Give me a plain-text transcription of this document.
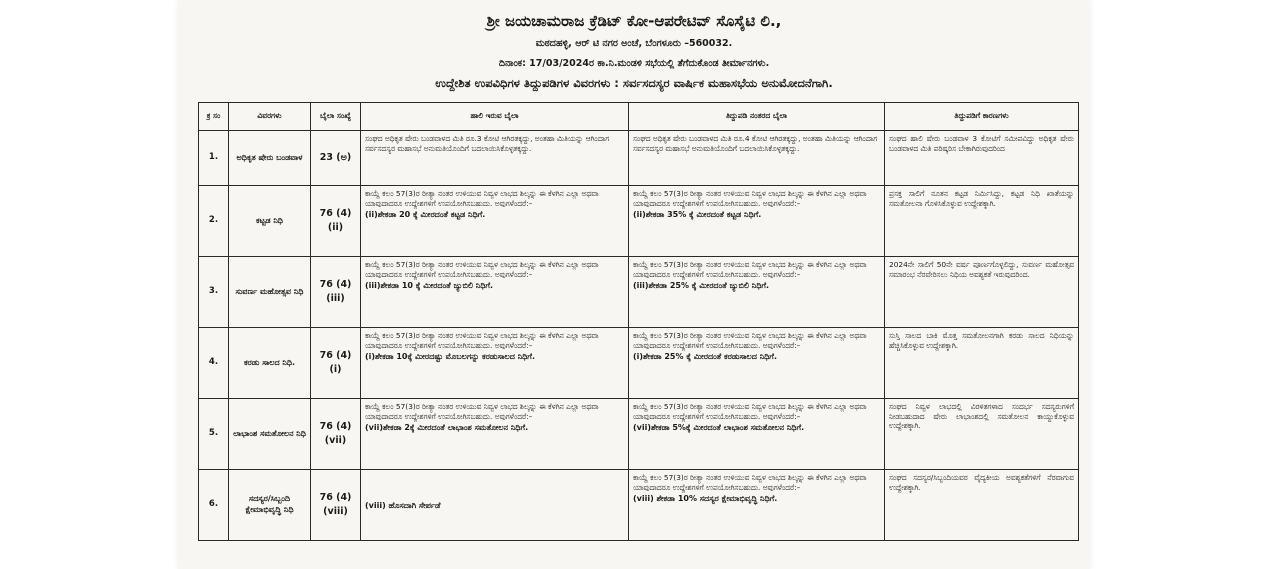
ಶ್ರೀ ಜಯಚಾಮರಾಜ ಕ್ರೆಡಿಟ್ ಕೋ-ಆಪರೇಟಿವ್ ಸೊಸೈಟಿ ಲಿ.,
ಮಠದಹಳ್ಳಿ, ಆರ್ ಟಿ ನಗರ ಅಂಚೆ, ಬೆಂಗಳೂರು –560032.
ದಿನಾಂಕ: 17/03/2024ರ ಕಾ.ನಿ.ಮಂಡಳಿ ಸಭೆಯಲ್ಲಿ ತೆಗೆದುಕೊಂಡ ತೀರ್ಮಾನಗಳು.
ಉದ್ದೇಶಿತ ಉಪವಿಧಿಗಳ ತಿದ್ದುಪಡಿಗಳ ವಿವರಗಳು : ಸರ್ವಸದಸ್ಯರ ವಾರ್ಷಿಕ ಮಹಾಸಭೆಯ ಅನುಮೋದನೆಗಾಗಿ.
ಕ್ರ ಸಂ	ವಿವರಗಳು	ಬೈಲಾ ಸಂಖ್ಯೆ	ಹಾಲಿ ಇರುವ ಬೈಲಾ	ತಿದ್ದುಪಡಿ ನಂತರದ ಬೈಲಾ	ತಿದ್ದುಪಡಿಗೆ ಕಾರಣಗಳು
1.	ಅಧಿಕೃತ ಷೇರು ಬಂಡವಾಳ	23 (ಅ)	ಸಂಘದ ಅಧಿಕೃತ ಷೇರು ಬಂಡವಾಳದ ಮಿತಿ ರೂ.3 ಕೋಟಿ ಆಗಿರತಕ್ಕದ್ದು, ಅಂತಹಾ ಮಿತಿಯನ್ನು ಆಗಿಂದಾಗ ಸರ್ವಸದಸ್ಯರ ಮಹಾಸಭೆ ಅನುಮತಿಯೊಂದಿಗೆ ಬದಲಾಯಿಸಿಕೊಳ್ಳತಕ್ಕದ್ದು.	ಸಂಘದ ಅಧಿಕೃತ ಷೇರು ಬಂಡವಾಳದ ಮಿತಿ ರೂ.4 ಕೋಟಿ ಆಗಿರತಕ್ಕದ್ದು, ಅಂತಹಾ ಮಿತಿಯನ್ನು ಆಗಿಂದಾಗ ಸರ್ವಸದಸ್ಯರ ಮಹಾಸಭೆ ಅನುಮತಿಯೊಂದಿಗೆ ಬದಲಾಯಿಸಿಕೊಳ್ಳತಕ್ಕದ್ದು.	ಸಂಘದ ಹಾಲಿ ಷೇರು ಬಂಡವಾಳ 3 ಕೋಟಿಗೆ ಸಮೀಪವಿದ್ದು ಅಧಿಕೃತ ಷೇರು ಬಂಡವಾಳದ ಮಿತಿ ಪರಿಷ್ಕರಿಸ ಬೇಕಾಗಿರುವುದರಿಂದ
2.	ಕಟ್ಟಡ ನಿಧಿ	76 (4) (ii)	ಕಾಯ್ದೆ ಕಲಂ 57(3)ರ ರೀತ್ಯಾ ನಂತರ ಉಳಿಯುವ ನಿವ್ವಳ ಲಾಭದ ಶಿಲ್ಕನ್ನು ಈ ಕೆಳಗಿನ ಎಲ್ಲಾ ಅಥವಾ ಯಾವುದಾದರೂ ಉದ್ದೇಶಗಳಿಗೆ ಉಪಯೋಗಿಸಬಹುದು. ಅವುಗಳೆಂದರೆ:–
(ii)ಶೇಕಡಾ 20 ಕ್ಕೆ ಮೀರದಂತೆ ಕಟ್ಟಡ ನಿಧಿಗೆ.	ಕಾಯ್ದೆ ಕಲಂ 57(3)ರ ರೀತ್ಯಾ ನಂತರ ಉಳಿಯುವ ನಿವ್ವಳ ಲಾಭದ ಶಿಲ್ಕನ್ನು ಈ ಕೆಳಗಿನ ಎಲ್ಲಾ ಅಥವಾ ಯಾವುದಾದರೂ ಉದ್ದೇಶಗಳಿಗೆ ಉಪಯೋಗಿಸಬಹುದು. ಅವುಗಳೆಂದರೆ:–
(ii)ಶೇಕಡಾ 35% ಕ್ಕೆ ಮೀರದಂತೆ ಕಟ್ಟಡ ನಿಧಿಗೆ.	ಪ್ರಸಕ್ತ ಸಾಲಿಗೆ ನೂತನ ಕಟ್ಟಡ ನಿರ್ಮಿಸಿದ್ದು, ಕಟ್ಟಡ ನಿಧಿ ಖಾತೆಯನ್ನು ಸಮತೋಲನಾ ಗೊಳಿಸಿಕೊಳ್ಳುವ ಉದ್ದೇಶಕ್ಕಾಗಿ.
3.	ಸುವರ್ಣ ಮಹೋತ್ಸವ ನಿಧಿ	76 (4) (iii)	ಕಾಯ್ದೆ ಕಲಂ 57(3)ರ ರೀತ್ಯಾ ನಂತರ ಉಳಿಯುವ ನಿವ್ವಳ ಲಾಭದ ಶಿಲ್ಕನ್ನು ಈ ಕೆಳಗಿನ ಎಲ್ಲಾ ಅಥವಾ ಯಾವುದಾದರೂ ಉದ್ದೇಶಗಳಿಗೆ ಉಪಯೋಗಿಸಬಹುದು. ಅವುಗಳೆಂದರೆ:–
(iii)ಶೇಕಡಾ 10 ಕ್ಕೆ ಮೀರದಂತೆ ಜ್ಯುಬಿಲಿ ನಿಧಿಗೆ.	ಕಾಯ್ದೆ ಕಲಂ 57(3)ರ ರೀತ್ಯಾ ನಂತರ ಉಳಿಯುವ ನಿವ್ವಳ ಲಾಭದ ಶಿಲ್ಕನ್ನು ಈ ಕೆಳಗಿನ ಎಲ್ಲಾ ಅಥವಾ ಯಾವುದಾದರೂ ಉದ್ದೇಶಗಳಿಗೆ ಉಪಯೋಗಿಸಬಹುದು. ಅವುಗಳೆಂದರೆ:–
(iii)ಶೇಕಡಾ 25% ಕ್ಕೆ ಮೀರದಂತೆ ಜ್ಯುಬಿಲಿ ನಿಧಿಗೆ.	2024ನೇ ಸಾಲಿಗೆ 50ನೇ ವರ್ಷ ಪೂರ್ಣಗೊಳ್ಳಲಿದ್ದು, ಸುವರ್ಣ ಮಹೋತ್ಸವ ಸಮಾರಂಭ ನೆರವೇರಿಸಲು ನಿಧಿಯ ಅವಶ್ಯಕತೆ ಇರುವುದರಿಂದ.
4.	ಕರಡು ಸಾಲದ ನಿಧಿ.	76 (4) (i)	ಕಾಯ್ದೆ ಕಲಂ 57(3)ರ ರೀತ್ಯಾ ನಂತರ ಉಳಿಯುವ ನಿವ್ವಳ ಲಾಭದ ಶಿಲ್ಕನ್ನು ಈ ಕೆಳಗಿನ ಎಲ್ಲಾ ಅಥವಾ ಯಾವುದಾದರೂ ಉದ್ದೇಶಗಳಿಗೆ ಉಪಯೋಗಿಸಬಹುದು. ಅವುಗಳೆಂದರೆ:–
(i)ಶೇಕಡಾ 10ಕ್ಕೆ ಮೀರದಷ್ಟು ಮೊಬಲಗನ್ನು ಕರಡುಸಾಲದ ನಿಧಿಗೆ.	ಕಾಯ್ದೆ ಕಲಂ 57(3)ರ ರೀತ್ಯಾ ನಂತರ ಉಳಿಯುವ ನಿವ್ವಳ ಲಾಭದ ಶಿಲ್ಕನ್ನು ಈ ಕೆಳಗಿನ ಎಲ್ಲಾ ಅಥವಾ ಯಾವುದಾದರೂ ಉದ್ದೇಶಗಳಿಗೆ ಉಪಯೋಗಿಸಬಹುದು. ಅವುಗಳೆಂದರೆ:–
(i)ಶೇಕಡಾ 25% ಕ್ಕೆ ಮೀರದಂತೆ ಕರಡುಸಾಲದ ನಿಧಿಗೆ.	ಸುಸ್ತಿ ಸಾಲದ ಬಾಕಿ ಮೊತ್ತ ಸಮತೋಲನಗಾಗಿ ಕರಡು ಸಾಲದ ನಿಧಿಯನ್ನು ಹೆಚ್ಚಿಸಿಕೊಳ್ಳುವ ಉದ್ದೇಶಕ್ಕಾಗಿ.
5.	ಲಾಭಾಂಶ ಸಮತೋಲನ ನಿಧಿ	76 (4) (vii)	ಕಾಯ್ದೆ ಕಲಂ 57(3)ರ ರೀತ್ಯಾ ನಂತರ ಉಳಿಯುವ ನಿವ್ವಳ ಲಾಭದ ಶಿಲ್ಕನ್ನು ಈ ಕೆಳಗಿನ ಎಲ್ಲಾ ಅಥವಾ ಯಾವುದಾದರೂ ಉದ್ದೇಶಗಳಿಗೆ ಉಪಯೋಗಿಸಬಹುದು. ಅವುಗಳೆಂದರೆ:–
(vii)ಶೇಕಡಾ 2ಕ್ಕೆ ಮೀರದಂತೆ ಲಾಭಾಂಶ ಸಮತೋಲನ ನಿಧಿಗೆ.	ಕಾಯ್ದೆ ಕಲಂ 57(3)ರ ರೀತ್ಯಾ ನಂತರ ಉಳಿಯುವ ನಿವ್ವಳ ಲಾಭದ ಶಿಲ್ಕನ್ನು ಈ ಕೆಳಗಿನ ಎಲ್ಲಾ ಅಥವಾ ಯಾವುದಾದರೂ ಉದ್ದೇಶಗಳಿಗೆ ಉಪಯೋಗಿಸಬಹುದು. ಅವುಗಳೆಂದರೆ:–
(vii)ಶೇಕಡಾ 5%ಕ್ಕೆ ಮೀರದಂತೆ ಲಾಭಾಂಶ ಸಮತೋಲನ ನಿಧಿಗೆ.	ಸಂಘದ ನಿವ್ವಳ ಲಾಭದಲ್ಲಿ ವಿರಳಿತಗಳಾದ ಸಂದರ್ಭ ಸದಸ್ಯರುಗಳಿಗೆ ನೀಡಬಹುದಾದ ಷೇರು ಲಾಭಾಂಶದಲ್ಲಿ ಸಮತೋಲನ ಕಾಯ್ದುಕೊಳ್ಳುವ ಉದ್ದೇಶಕ್ಕಾಗಿ.
6.	ಸದಸ್ಯರ/ಸಿಬ್ಬಂದಿ ಕ್ಷೇಮಾಭಿವೃದ್ಧಿ ನಿಧಿ	76 (4) (viii)	(viii) ಹೊಸದಾಗಿ ಸೇರ್ಪಡೆ	ಕಾಯ್ದೆ ಕಲಂ 57(3)ರ ರೀತ್ಯಾ ನಂತರ ಉಳಿಯುವ ನಿವ್ವಳ ಲಾಭದ ಶಿಲ್ಕನ್ನು ಈ ಕೆಳಗಿನ ಎಲ್ಲಾ ಅಥವಾ ಯಾವುದಾದರೂ ಉದ್ದೇಶಗಳಿಗೆ ಉಪಯೋಗಿಸಬಹುದು. ಅವುಗಳೆಂದರೆ:–
(viii) ಶೇಕಡಾ 10% ಸದಸ್ಯರ ಕ್ಷೇಮಾಭಿವೃದ್ಧಿ ನಿಧಿಗೆ.	ಸಂಘದ ಸದಸ್ಯರ/ಸಿಬ್ಬಂದಿಯವರ ವೈದ್ಯಕೀಯ ಅವಶ್ಯಕತೆಗಳಿಗೆ ನೆರವಾಗುವ ಉದ್ದೇಶಕ್ಕಾಗಿ.
